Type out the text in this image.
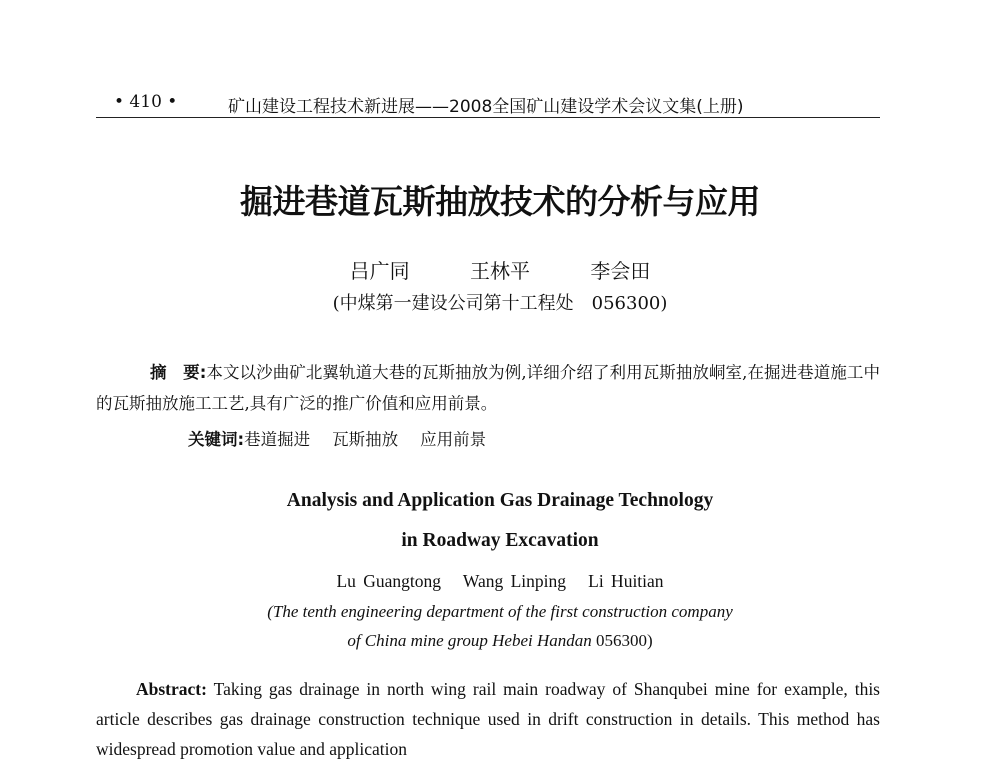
• 410 •	矿山建设工程技术新进展——2008全国矿山建设学术会议文集(上册)
掘进巷道瓦斯抽放技术的分析与应用
吕广同	王林平	李会田
(中煤第一建设公司第十工程处　056300)
摘　要:本文以沙曲矿北翼轨道大巷的瓦斯抽放为例,详细介绍了利用瓦斯抽放峒室,在掘进巷道施工中的瓦斯抽放施工工艺,具有广泛的推广价值和应用前景。
关键词:巷道掘进 瓦斯抽放 应用前景
Analysis and Application Gas Drainage Technology
in Roadway Excavation
Lu Guangtong   Wang Linping   Li Huitian
(The tenth engineering department of the first construction company
of China mine group Hebei Handan 056300)
Abstract: Taking gas drainage in north wing rail main roadway of Shanqubei mine for example, this article describes gas drainage construction technique used in drift construction in details. This method has widespread promotion value and application
